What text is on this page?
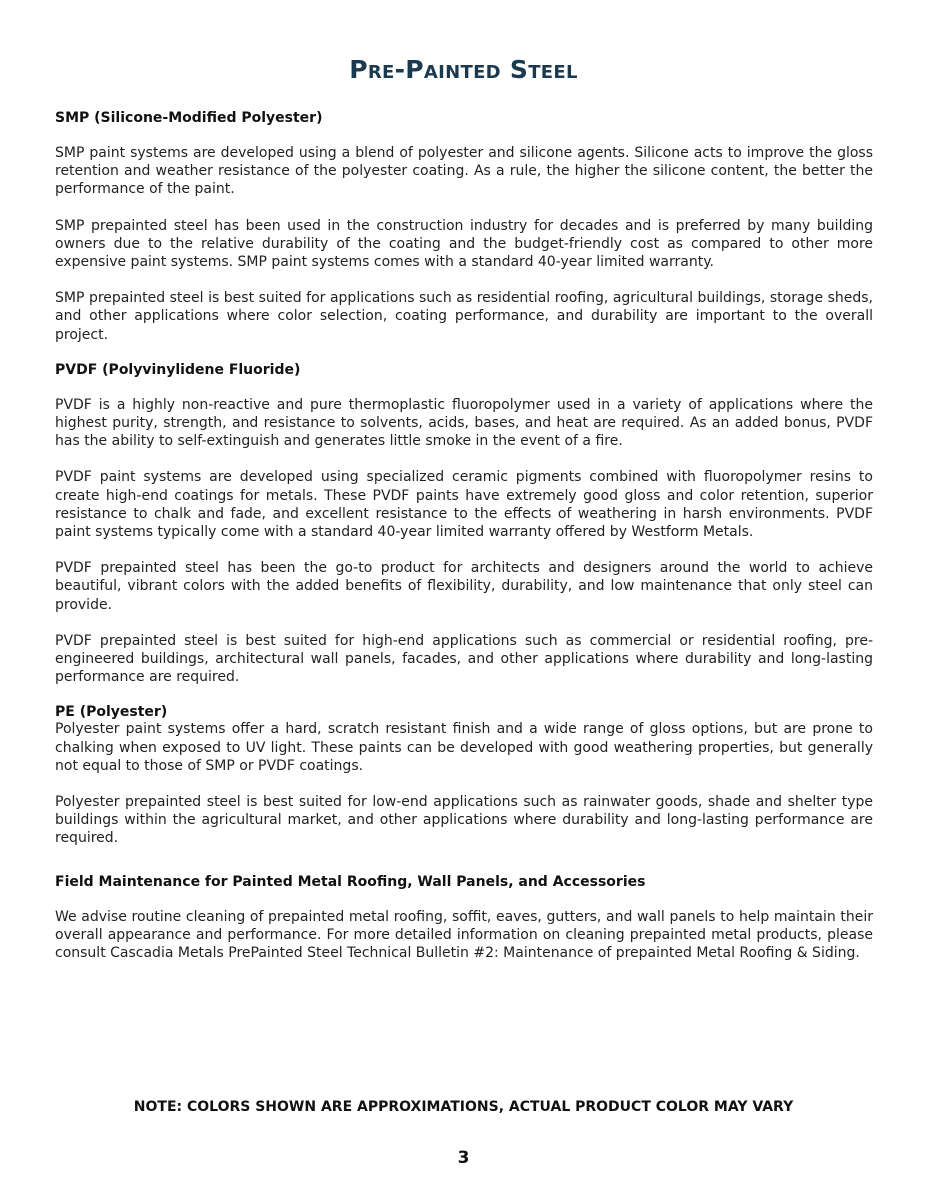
Pre-Painted Steel
SMP (Silicone-Modified Polyester)

SMP paint systems are developed using a blend of polyester and silicone agents. Silicone acts to improve the gloss retention and weather resistance of the polyester coating. As a rule, the higher the silicone content, the better the performance of the paint.

SMP prepainted steel has been used in the construction industry for decades and is preferred by many building owners due to the relative durability of the coating and the budget-friendly cost as compared to other more expensive paint systems. SMP paint systems comes with a standard 40-year limited warranty.

SMP prepainted steel is best suited for applications such as residential roofing, agricultural buildings, storage sheds, and other applications where color selection, coating performance, and durability are important to the overall project.

PVDF (Polyvinylidene Fluoride)

PVDF is a highly non-reactive and pure thermoplastic fluoropolymer used in a variety of applications where the highest purity, strength, and resistance to solvents, acids, bases, and heat are required. As an added bonus, PVDF has the ability to self-extinguish and generates little smoke in the event of a fire.

PVDF paint systems are developed using specialized ceramic pigments combined with fluoropolymer resins to create high-end coatings for metals. These PVDF paints have extremely good gloss and color retention, superior resistance to chalk and fade, and excellent resistance to the effects of weathering in harsh environments. PVDF paint systems typically come with a standard 40-year limited warranty offered by Westform Metals.

PVDF prepainted steel has been the go-to product for architects and designers around the world to achieve beautiful, vibrant colors with the added benefits of flexibility, durability, and low maintenance that only steel can provide.

PVDF prepainted steel is best suited for high-end applications such as commercial or residential roofing, pre-engineered buildings, architectural wall panels, facades, and other applications where durability and long-lasting performance are required.

PE (Polyester)

Polyester paint systems offer a hard, scratch resistant finish and a wide range of gloss options, but are prone to chalking when exposed to UV light. These paints can be developed with good weathering properties, but generally not equal to those of SMP or PVDF coatings.

Polyester prepainted steel is best suited for low-end applications such as rainwater goods, shade and shelter type buildings within the agricultural market, and other applications where durability and long-lasting performance are required.

Field Maintenance for Painted Metal Roofing, Wall Panels, and Accessories

We advise routine cleaning of prepainted metal roofing, soffit, eaves, gutters, and wall panels to help maintain their overall appearance and performance. For more detailed information on cleaning prepainted metal products, please consult Cascadia Metals PrePainted Steel Technical Bulletin #2: Maintenance of prepainted Metal Roofing & Siding.

NOTE: COLORS SHOWN ARE APPROXIMATIONS, ACTUAL PRODUCT COLOR MAY VARY

3
